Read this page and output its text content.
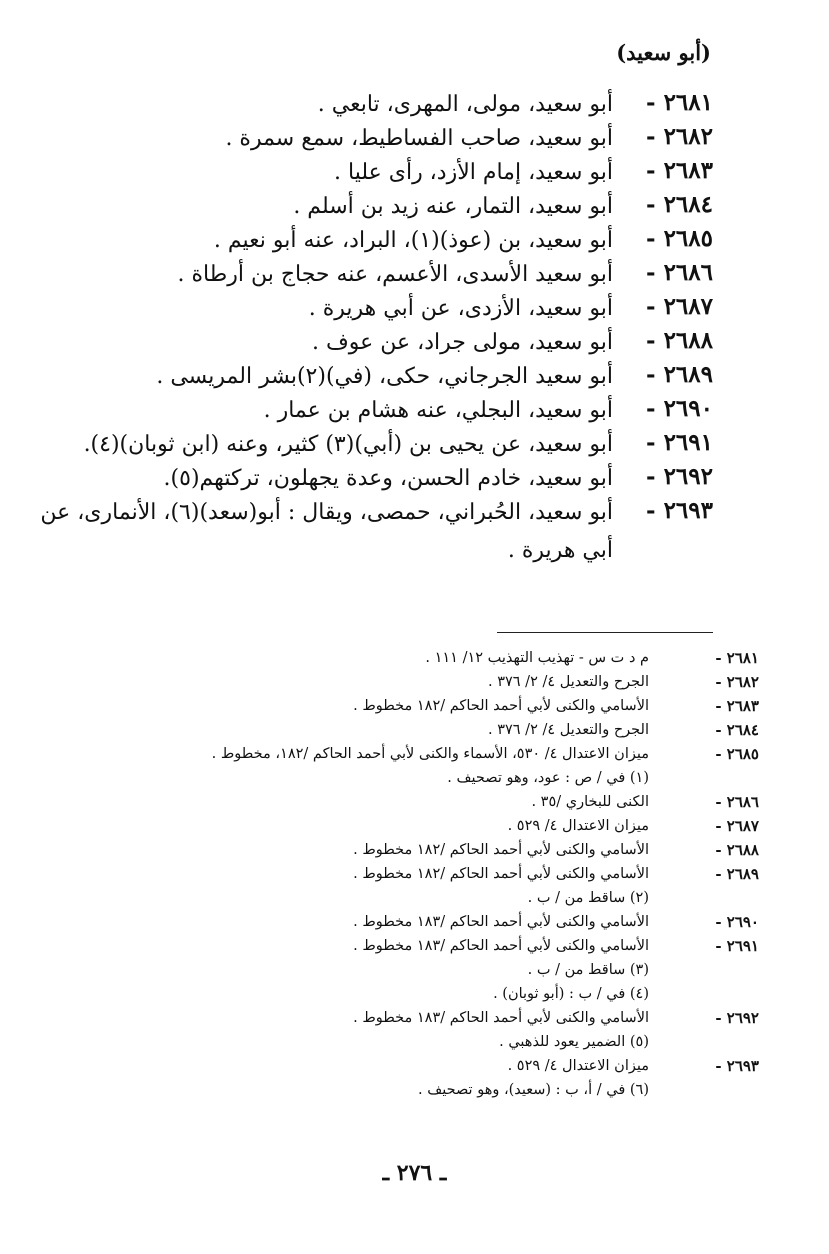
(أبو سعيد)
٢٦٨١ -
أبو سعيد، مولى، المهرى، تابعي .
٢٦٨٢ -
أبو سعيد، صاحب الفساطيط، سمع سمرة .
٢٦٨٣ -
أبو سعيد، إمام الأزد، رأى عليا .
٢٦٨٤ -
أبو سعيد، التمار، عنه زيد بن أسلم .
٢٦٨٥ -
أبو سعيد، بن (عوذ)(١)، البراد، عنه أبو نعيم .
٢٦٨٦ -
أبو سعيد الأسدى، الأعسم، عنه حجاج بن أرطاة .
٢٦٨٧ -
أبو سعيد، الأزدى، عن أبي هريرة .
٢٦٨٨ -
أبو سعيد، مولى جراد، عن عوف .
٢٦٨٩ -
أبو سعيد الجرجاني، حكى، (في)(٢)بشر المريسى .
٢٦٩٠ -
أبو سعيد، البجلي، عنه هشام بن عمار .
٢٦٩١ -
أبو سعيد، عن يحيى بن (أبي)(٣) كثير، وعنه (ابن ثوبان)(٤).
٢٦٩٢ -
أبو سعيد، خادم الحسن، وعدة يجهلون، تركتهم(٥).
٢٦٩٣ -
أبو سعيد، الحُبراني، حمصى، ويقال : أبو(سعد)(٦)، الأنمارى، عن أبي هريرة .
٢٦٨١ -
م د ت س - تهذيب التهذيب ١٢/ ١١١ .
٢٦٨٢ -
الجرح والتعديل ٤/ ٢/ ٣٧٦ .
٢٦٨٣ -
الأسامي والكنى لأبي أحمد الحاكم /١٨٢ مخطوط .
٢٦٨٤ -
الجرح والتعديل ٤/ ٢/ ٣٧٦ .
٢٦٨٥ -
ميزان الاعتدال ٤/ ٥٣٠، الأسماء والكنى لأبي أحمد الحاكم /١٨٢، مخطوط .
(١) في / ص : عود، وهو تصحيف .
٢٦٨٦ -
الكنى للبخاري /٣٥ .
٢٦٨٧ -
ميزان الاعتدال ٤/ ٥٢٩ .
٢٦٨٨ -
الأسامي والكنى لأبي أحمد الحاكم /١٨٢ مخطوط .
٢٦٨٩ -
الأسامي والكنى لأبي أحمد الحاكم /١٨٢ مخطوط .
(٢) ساقط من / ب .
٢٦٩٠ -
الأسامي والكنى لأبي أحمد الحاكم /١٨٣ مخطوط .
٢٦٩١ -
الأسامي والكنى لأبي أحمد الحاكم /١٨٣ مخطوط .
(٣) ساقط من / ب .
(٤) في / ب : (أبو ثوبان) .
٢٦٩٢ -
الأسامي والكنى لأبي أحمد الحاكم /١٨٣ مخطوط .
(٥) الضمير يعود للذهبي .
٢٦٩٣ -
ميزان الاعتدال ٤/ ٥٢٩ .
(٦) في / أ، ب : (سعيد)، وهو تصحيف .
ـ ٢٧٦ ـ
